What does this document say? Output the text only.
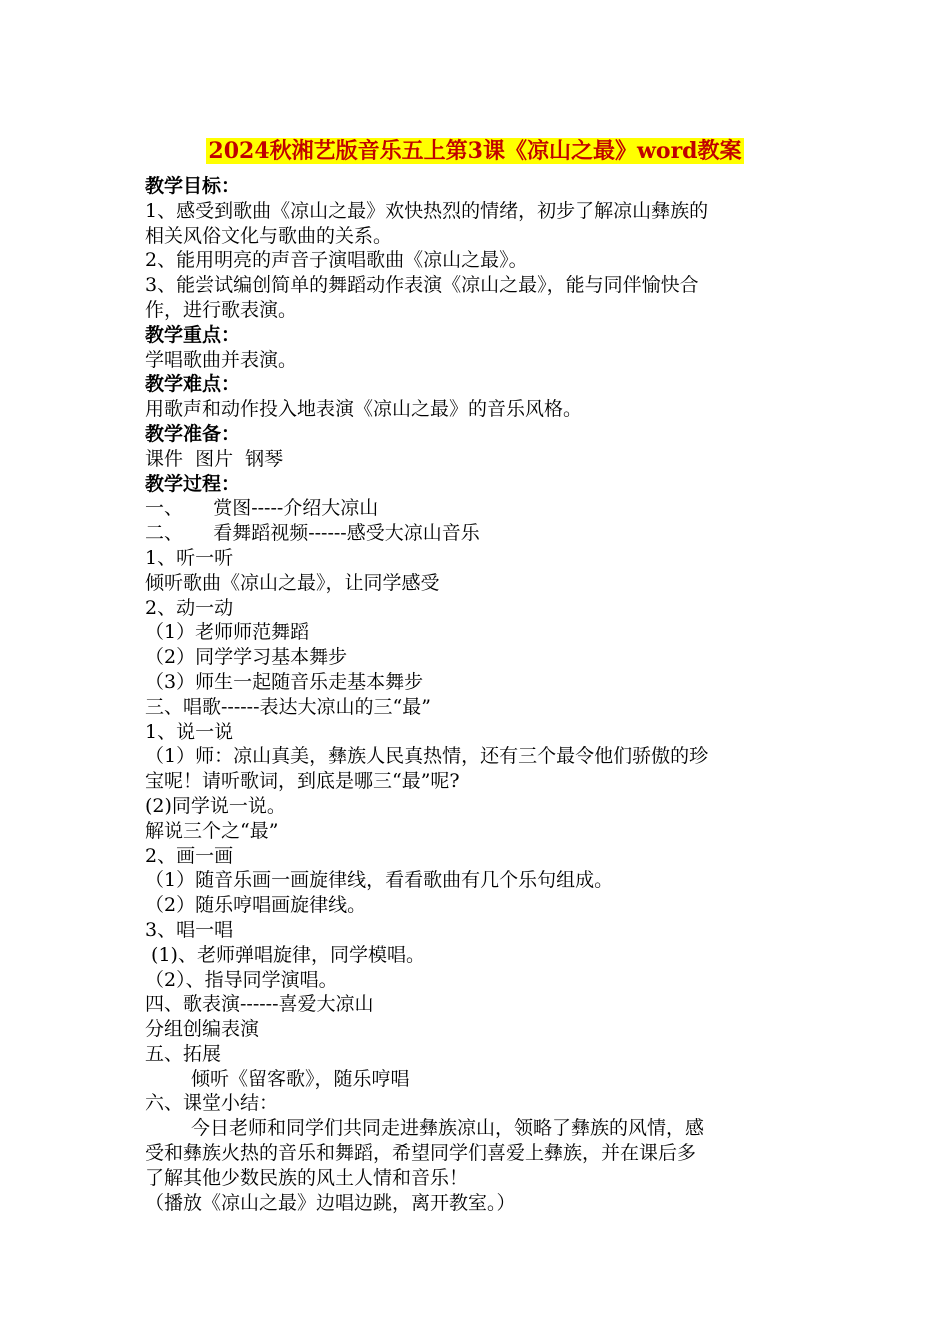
2024秋湘艺版音乐五上第3课《凉山之最》word教案

教学目标：

1、感受到歌曲《凉山之最》欢快热烈的情绪，初步了解凉山彝族的

相关风俗文化与歌曲的关系。

2、能用明亮的声音子演唱歌曲《凉山之最》。

3、能尝试编创简单的舞蹈动作表演《凉山之最》，能与同伴愉快合

作，进行歌表演。

教学重点：

学唱歌曲并表演。

教学难点：

用歌声和动作投入地表演《凉山之最》的音乐风格。

教学准备：

课件  图片  钢琴

教学过程：

一、     赏图-----介绍大凉山

二、     看舞蹈视频------感受大凉山音乐

1、听一听

倾听歌曲《凉山之最》，让同学感受

2、动一动

（1）老师师范舞蹈

（2）同学学习基本舞步

（3）师生一起随音乐走基本舞步

三、唱歌------表达大凉山的三“最”

1、说一说

（1）师：凉山真美，彝族人民真热情，还有三个最令他们骄傲的珍

宝呢！请听歌词，到底是哪三“最”呢?

(2)同学说一说。

解说三个之“最”

2、画一画

（1）随音乐画一画旋律线，看看歌曲有几个乐句组成。

（2）随乐哼唱画旋律线。

3、唱一唱

(1)、老师弹唱旋律，同学模唱。

（2）、指导同学演唱。

四、歌表演------喜爱大凉山

分组创编表演

五、拓展

倾听《留客歌》，随乐哼唱

六、课堂小结：

今日老师和同学们共同走进彝族凉山，领略了彝族的风情，感

受和彝族火热的音乐和舞蹈，希望同学们喜爱上彝族，并在课后多

了解其他少数民族的风土人情和音乐！

（播放《凉山之最》边唱边跳，离开教室。）
